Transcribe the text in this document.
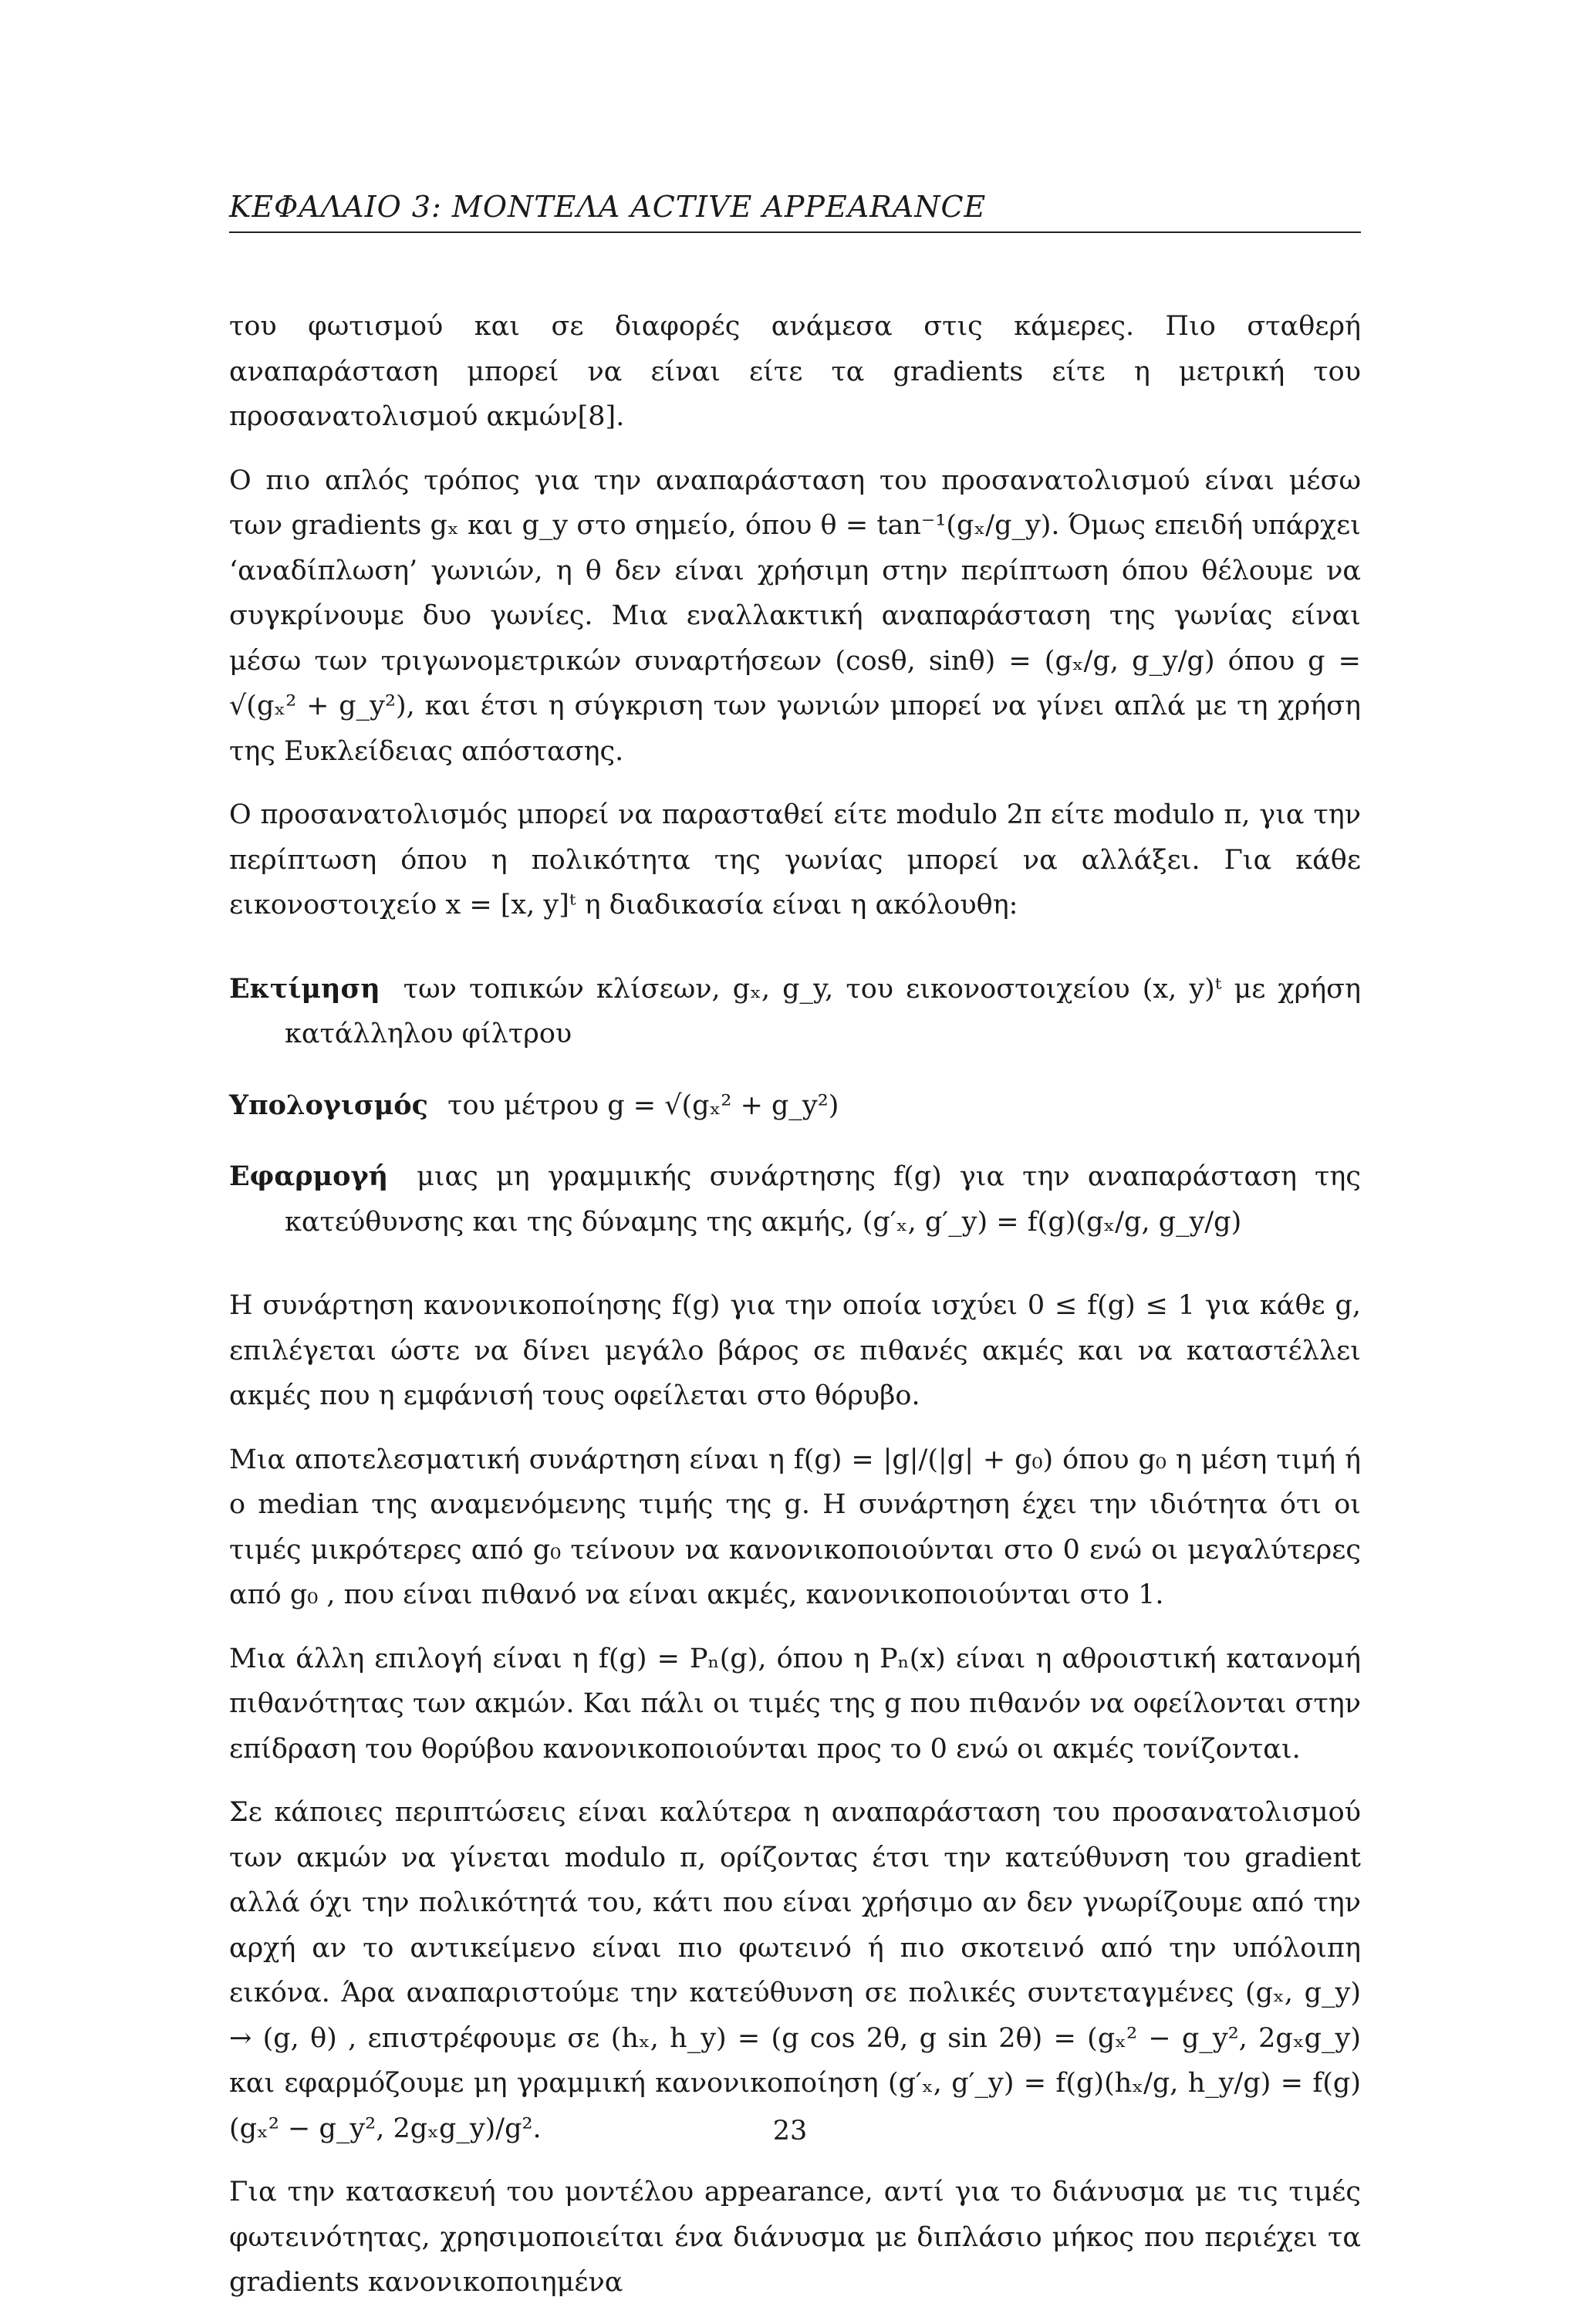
ΚΕΦΑΛΑΙΟ 3: ΜΟΝΤΕΛΑ ACTIVE APPEARANCE

του φωτισμού και σε διαφορές ανάμεσα στις κάμερες. Πιο σταθερή αναπαράσταση μπορεί να είναι είτε τα gradients είτε η μετρική του προσανατολισμού ακμών[8].

Ο πιο απλός τρόπος για την αναπαράσταση του προσανατολισμού είναι μέσω των gradients gₓ και g_y στο σημείο, όπου θ = tan⁻¹(gₓ/g_y). Όμως επειδή υπάρχει ‘αναδίπλωση’ γωνιών, η θ δεν είναι χρήσιμη στην περίπτωση όπου θέλουμε να συγκρίνουμε δυο γωνίες. Μια εναλλακτική αναπαράσταση της γωνίας είναι μέσω των τριγωνομετρικών συναρτήσεων (cosθ, sinθ) = (gₓ/g, g_y/g) όπου g = √(gₓ² + g_y²), και έτσι η σύγκριση των γωνιών μπορεί να γίνει απλά με τη χρήση της Ευκλείδειας απόστασης.

Ο προσανατολισμός μπορεί να παρασταθεί είτε modulo 2π είτε modulo π, για την περίπτωση όπου η πολικότητα της γωνίας μπορεί να αλλάξει. Για κάθε εικονοστοιχείο x = [x, y]ᵗ η διαδικασία είναι η ακόλουθη:

Εκτίμηση των τοπικών κλίσεων, gₓ, g_y, του εικονοστοιχείου (x, y)ᵗ με χρήση κατάλληλου φίλτρου
Υπολογισμός του μέτρου g = √(gₓ² + g_y²)
Εφαρμογή μιας μη γραμμικής συνάρτησης f(g) για την αναπαράσταση της κατεύθυνσης και της δύναμης της ακμής, (g′ₓ, g′_y) = f(g)(gₓ/g, g_y/g)

Η συνάρτηση κανονικοποίησης f(g) για την οποία ισχύει 0 ≤ f(g) ≤ 1 για κάθε g, επιλέγεται ώστε να δίνει μεγάλο βάρος σε πιθανές ακμές και να καταστέλλει ακμές που η εμφάνισή τους οφείλεται στο θόρυβο.

Μια αποτελεσματική συνάρτηση είναι η f(g) = |g|/(|g| + g₀) όπου g₀ η μέση τιμή ή ο median της αναμενόμενης τιμής της g. Η συνάρτηση έχει την ιδιότητα ότι οι τιμές μικρότερες από g₀ τείνουν να κανονικοποιούνται στο 0 ενώ οι μεγαλύτερες από g₀ , που είναι πιθανό να είναι ακμές, κανονικοποιούνται στο 1.

Μια άλλη επιλογή είναι η f(g) = Pₙ(g), όπου η Pₙ(x) είναι η αθροιστική κατανομή πιθανότητας των ακμών. Και πάλι οι τιμές της g που πιθανόν να οφείλονται στην επίδραση του θορύβου κανονικοποιούνται προς το 0 ενώ οι ακμές τονίζονται.

Σε κάποιες περιπτώσεις είναι καλύτερα η αναπαράσταση του προσανατολισμού των ακμών να γίνεται modulo π, ορίζοντας έτσι την κατεύθυνση του gradient αλλά όχι την πολικότητά του, κάτι που είναι χρήσιμο αν δεν γνωρίζουμε από την αρχή αν το αντικείμενο είναι πιο φωτεινό ή πιο σκοτεινό από την υπόλοιπη εικόνα. Άρα αναπαριστούμε την κατεύθυνση σε πολικές συντεταγμένες (gₓ, g_y) → (g, θ) , επιστρέφουμε σε (hₓ, h_y) = (g cos 2θ, g sin 2θ) = (gₓ² − g_y², 2gₓg_y) και εφαρμόζουμε μη γραμμική κανονικοποίηση (g′ₓ, g′_y) = f(g)(hₓ/g, h_y/g) = f(g)(gₓ² − g_y², 2gₓg_y)/g².

Για την κατασκευή του μοντέλου appearance, αντί για το διάνυσμα με τις τιμές φωτεινότητας, χρησιμοποιείται ένα διάνυσμα με διπλάσιο μήκος που περιέχει τα gradients κανονικοποιημένα

23
